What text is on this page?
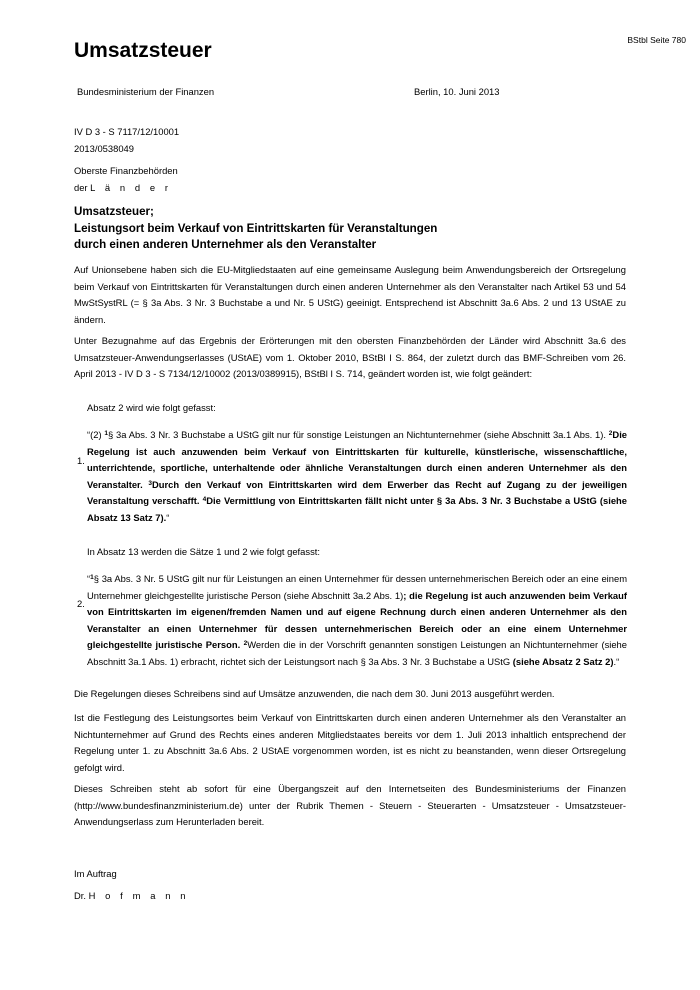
Umsatzsteuer	BStbl Seite 780
Bundesministerium der Finanzen	Berlin, 10. Juni 2013
IV D 3 - S 7117/12/10001
2013/0538049
Oberste Finanzbehörden
der L ä n d e r
Umsatzsteuer;
Leistungsort beim Verkauf von Eintrittskarten für Veranstaltungen
durch einen anderen Unternehmer als den Veranstalter
Auf Unionsebene haben sich die EU-Mitgliedstaaten auf eine gemeinsame Auslegung beim Anwendungsbereich der Ortsregelung beim Verkauf von Eintrittskarten für Veranstaltungen durch einen anderen Unternehmer als den Veranstalter nach Artikel 53 und 54 MwStSystRL (= § 3a Abs. 3 Nr. 3 Buchstabe a und Nr. 5 UStG) geeinigt. Entsprechend ist Abschnitt 3a.6 Abs. 2 und 13 UStAE zu ändern.
Unter Bezugnahme auf das Ergebnis der Erörterungen mit den obersten Finanzbehörden der Länder wird Abschnitt 3a.6 des Umsatzsteuer-Anwendungserlasses (UStAE) vom 1. Oktober 2010, BStBl I S. 864, der zuletzt durch das BMF-Schreiben vom 26. April 2013 - IV D 3 - S 7134/12/10002 (2013/0389915), BStBl I S. 714, geändert worden ist, wie folgt geändert:
Absatz 2 wird wie folgt gefasst:
1.
“(2) $^1$§ 3a Abs. 3 Nr. 3 Buchstabe a UStG gilt nur für sonstige Leistungen an Nichtunternehmer (siehe Abschnitt 3a.1 Abs. 1). $^2$Die Regelung ist auch anzuwenden beim Verkauf von Eintrittskarten für kulturelle, künstlerische, wissenschaftliche, unterrichtende, sportliche, unterhaltende oder ähnliche Veranstaltungen durch einen anderen Unternehmer als den Veranstalter. $^3$Durch den Verkauf von Eintrittskarten wird dem Erwerber das Recht auf Zugang zu der jeweiligen Veranstaltung verschafft. $^4$Die Vermittlung von Eintrittskarten fällt nicht unter § 3a Abs. 3 Nr. 3 Buchstabe a UStG (siehe Absatz 13 Satz 7).“
In Absatz 13 werden die Sätze 1 und 2 wie folgt gefasst:
2.
“$^1$§ 3a Abs. 3 Nr. 5 UStG gilt nur für Leistungen an einen Unternehmer für dessen unternehmerischen Bereich oder an eine einem Unternehmer gleichgestellte juristische Person (siehe Abschnitt 3a.2 Abs. 1); die Regelung ist auch anzuwenden beim Verkauf von Eintrittskarten im eigenen/fremden Namen und auf eigene Rechnung durch einen anderen Unternehmer als den Veranstalter an einen Unternehmer für dessen unternehmerischen Bereich oder an eine einem Unternehmer gleichgestellte juristische Person. $^2$Werden die in der Vorschrift genannten sonstigen Leistungen an Nichtunternehmer (siehe Abschnitt 3a.1 Abs. 1) erbracht, richtet sich der Leistungsort nach § 3a Abs. 3 Nr. 3 Buchstabe a UStG (siehe Absatz 2 Satz 2).“
Die Regelungen dieses Schreibens sind auf Umsätze anzuwenden, die nach dem 30. Juni 2013 ausgeführt werden.
Ist die Festlegung des Leistungsortes beim Verkauf von Eintrittskarten durch einen anderen Unternehmer als den Veranstalter an Nichtunternehmer auf Grund des Rechts eines anderen Mitgliedstaates bereits vor dem 1. Juli 2013 inhaltlich entsprechend der Regelung unter 1. zu Abschnitt 3a.6 Abs. 2 UStAE vorgenommen worden, ist es nicht zu beanstanden, wenn dieser Ortsregelung gefolgt wird.
Dieses Schreiben steht ab sofort für eine Übergangszeit auf den Internetseiten des Bundesministeriums der Finanzen (http://www.bundesfinanzministerium.de) unter der Rubrik Themen - Steuern - Steuerarten - Umsatzsteuer - Umsatzsteuer-Anwendungserlass zum Herunterladen bereit.
Im Auftrag
Dr. H o f m a n n
